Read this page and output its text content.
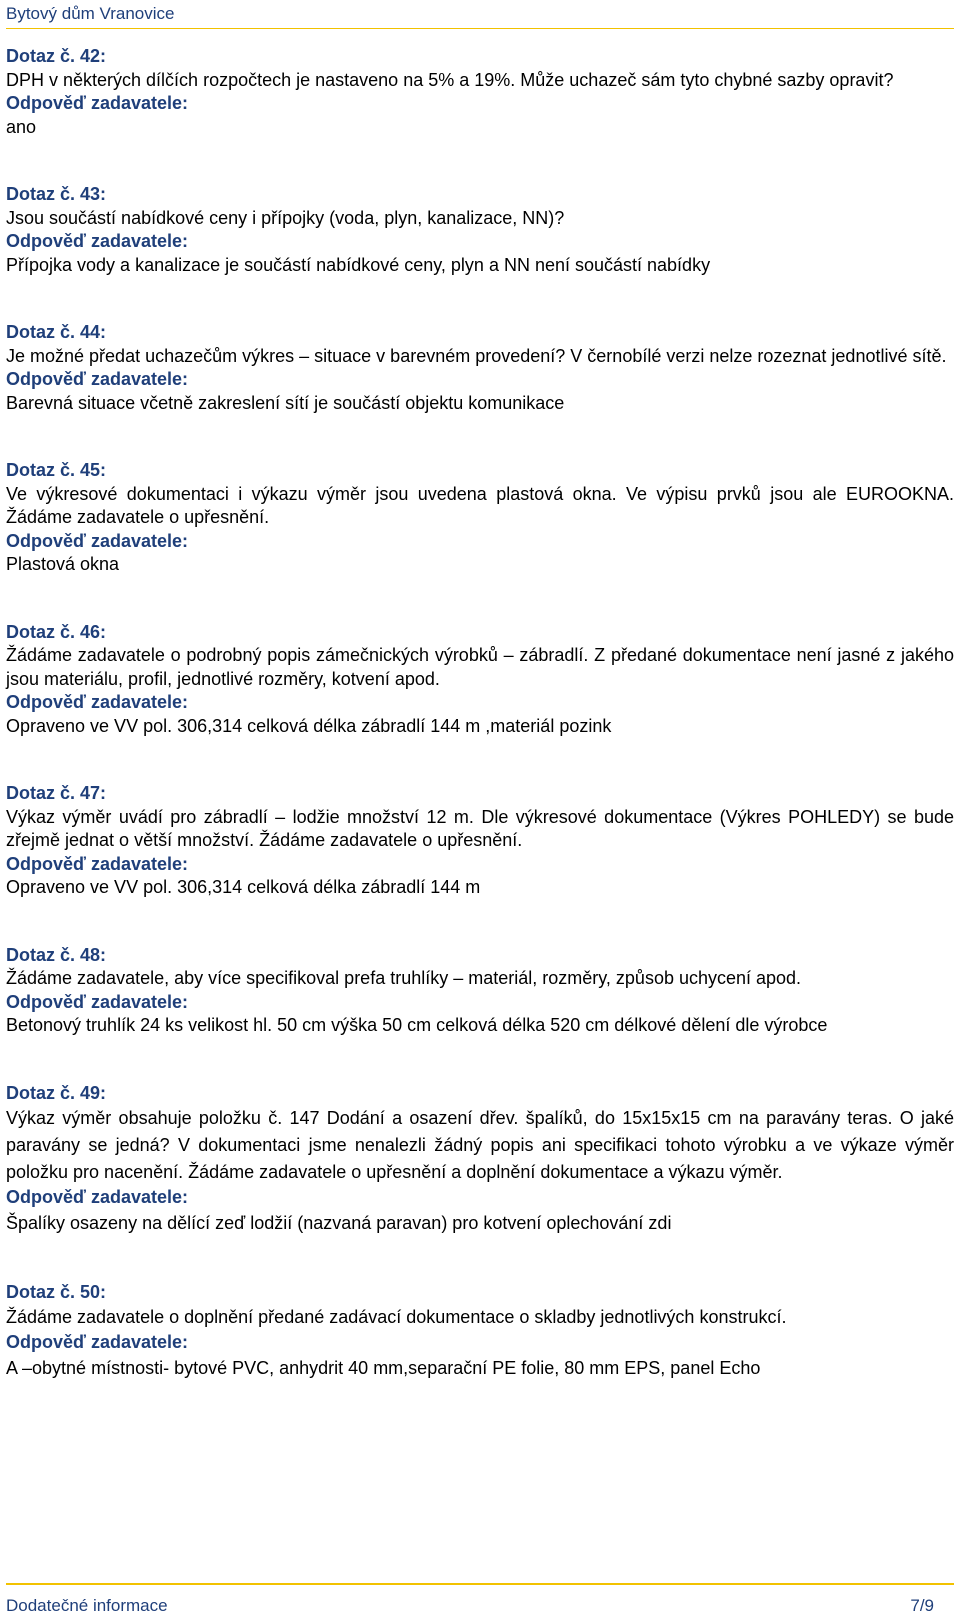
Bytový dům Vranovice

Dotaz č. 42:

DPH v některých dílčích rozpočtech je nastaveno na 5% a 19%. Může uchazeč sám tyto chybné sazby opravit?

Odpověď zadavatele:

ano

Dotaz č. 43:

Jsou součástí nabídkové ceny i přípojky (voda, plyn, kanalizace, NN)?

Odpověď zadavatele:

Přípojka vody a kanalizace je součástí nabídkové ceny, plyn a NN není součástí nabídky

Dotaz č. 44:

Je možné předat uchazečům výkres – situace v barevném provedení? V černobílé verzi nelze rozeznat jednotlivé sítě.

Odpověď zadavatele:

Barevná situace včetně zakreslení sítí je součástí objektu komunikace

Dotaz č. 45:

Ve výkresové dokumentaci i výkazu výměr jsou uvedena plastová okna. Ve výpisu prvků jsou ale EUROOKNA. Žádáme zadavatele o upřesnění.

Odpověď zadavatele:

Plastová okna

Dotaz č. 46:

Žádáme zadavatele o podrobný popis zámečnických výrobků – zábradlí. Z předané dokumentace není jasné z jakého jsou materiálu, profil, jednotlivé rozměry, kotvení apod.

Odpověď zadavatele:

Opraveno ve VV pol. 306,314 celková délka zábradlí 144 m ,materiál pozink

Dotaz č. 47:

Výkaz výměr uvádí pro zábradlí – lodžie množství 12 m. Dle výkresové dokumentace (Výkres POHLEDY) se bude zřejmě jednat o větší množství. Žádáme zadavatele o upřesnění.

Odpověď zadavatele:

Opraveno ve VV pol. 306,314 celková délka zábradlí 144 m

Dotaz č. 48:

Žádáme zadavatele, aby více specifikoval prefa truhlíky – materiál, rozměry, způsob uchycení apod.

Odpověď zadavatele:

Betonový truhlík 24 ks velikost hl. 50 cm výška 50 cm celková délka 520 cm délkové dělení dle výrobce

Dotaz č. 49:

Výkaz výměr obsahuje položku č. 147 Dodání a osazení dřev. špalíků, do 15x15x15 cm na paravány teras. O jaké paravány se jedná? V dokumentaci jsme nenalezli žádný popis ani specifikaci tohoto výrobku a ve výkaze výměr položku pro nacenění. Žádáme zadavatele o upřesnění a doplnění dokumentace a výkazu výměr.

Odpověď zadavatele:

Špalíky osazeny na dělící zeď lodžií (nazvaná paravan) pro kotvení oplechování zdi

Dotaz č. 50:

Žádáme zadavatele o doplnění předané zadávací dokumentace o skladby jednotlivých konstrukcí.

Odpověď zadavatele:

A –obytné místnosti- bytové PVC, anhydrit 40 mm,separační PE folie, 80 mm EPS, panel Echo

Dodatečné informace	7/9
